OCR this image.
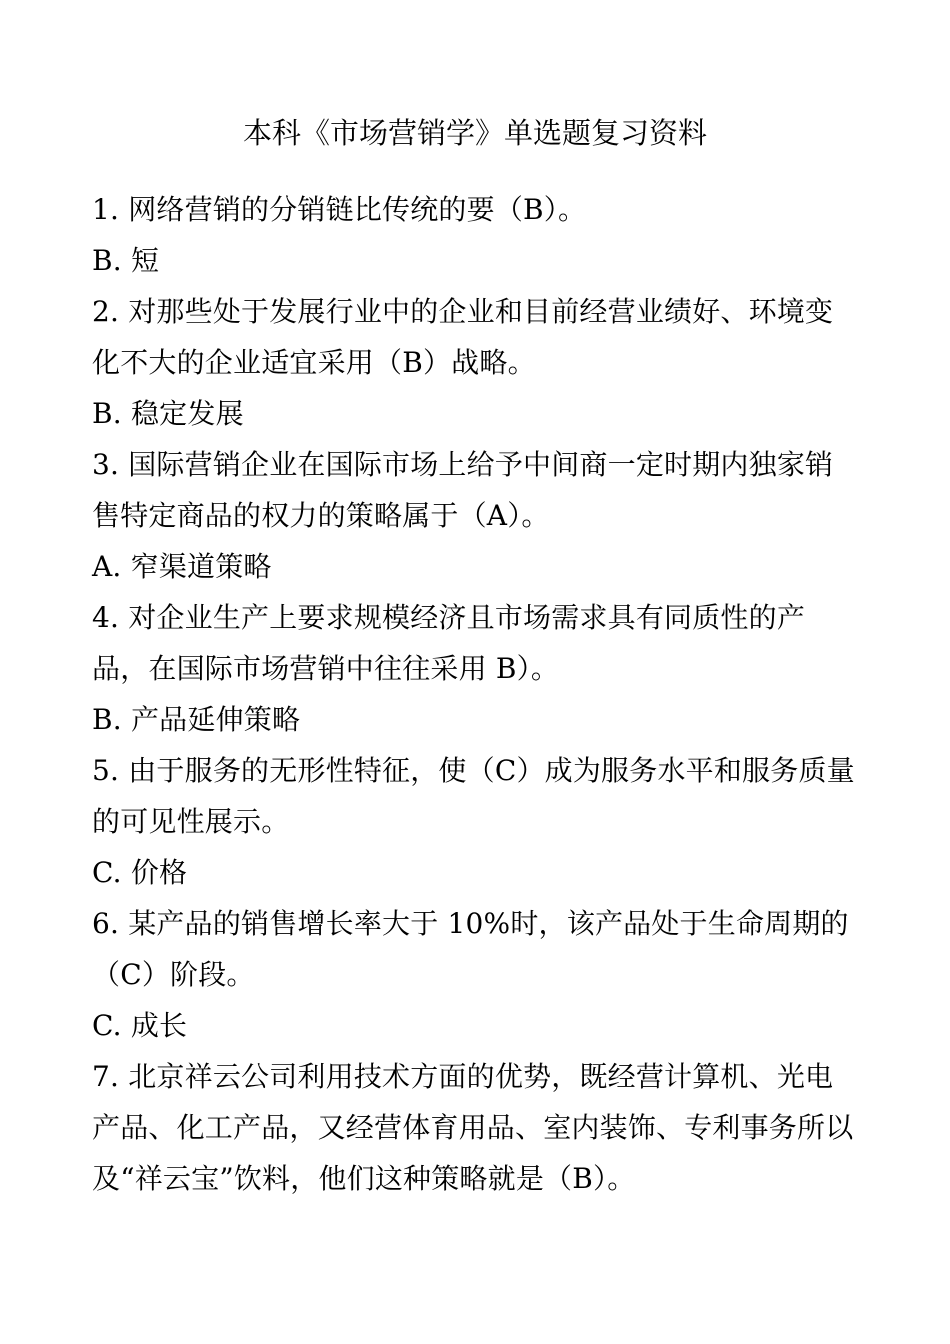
本科《市场营销学》单选题复习资料
1. 网络营销的分销链比传统的要（B）。
B. 短
2. 对那些处于发展行业中的企业和目前经营业绩好、环境变
化不大的企业适宜采用（B）战略。
B. 稳定发展
3. 国际营销企业在国际市场上给予中间商一定时期内独家销
售特定商品的权力的策略属于（A）。
A. 窄渠道策略
4. 对企业生产上要求规模经济且市场需求具有同质性的产
品，在国际市场营销中往往采用 B）。
B. 产品延伸策略
5. 由于服务的无形性特征，使（C）成为服务水平和服务质量
的可见性展示。
C. 价格
6. 某产品的销售增长率大于 10%时，该产品处于生命周期的
（C）阶段。
C. 成长
7. 北京祥云公司利用技术方面的优势，既经营计算机、光电
产品、化工产品，又经营体育用品、室内装饰、专利事务所以
及“祥云宝”饮料，他们这种策略就是（B）。
